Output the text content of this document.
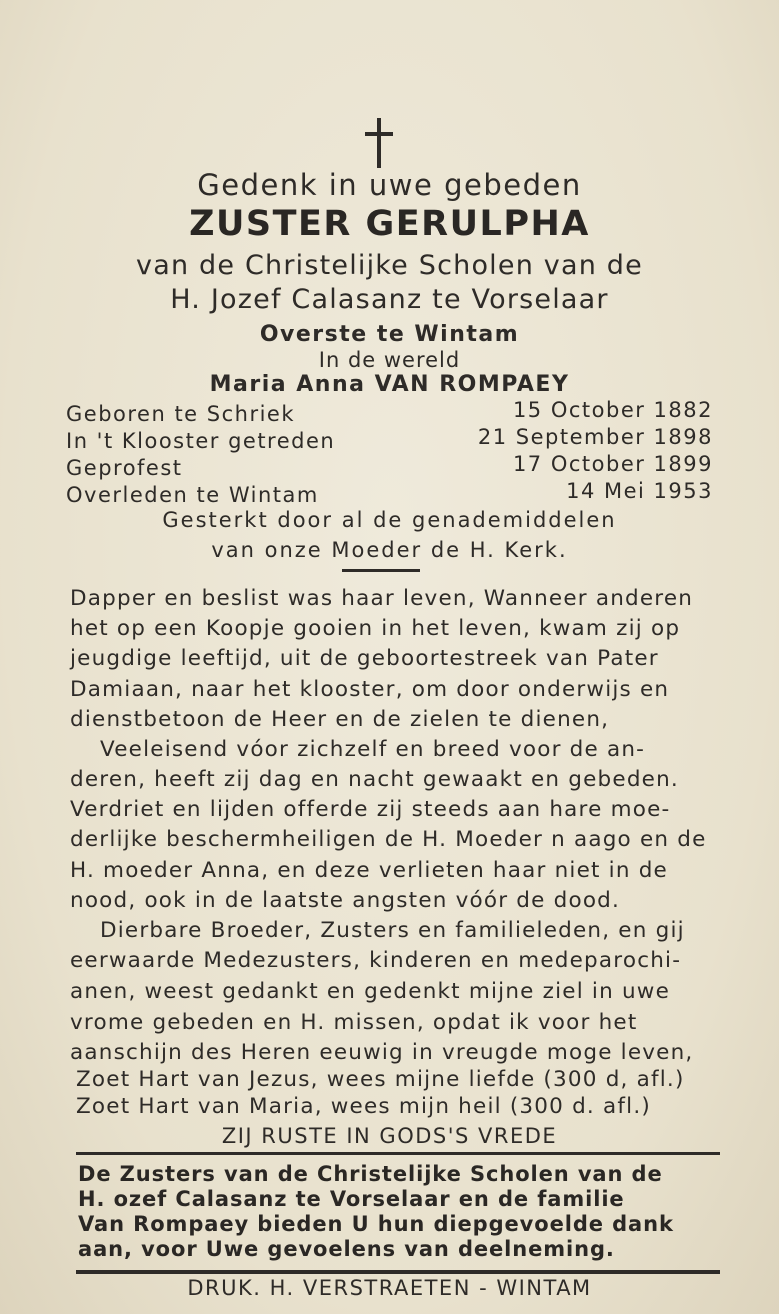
Gedenk in uwe gebeden
ZUSTER GERULPHA
van de Christelijke Scholen van de
H. Jozef Calasanz te Vorselaar
Overste te Wintam
In de wereld
Maria Anna VAN ROMPAEY
Geboren te Schriek	15 October 1882
In 't Klooster getreden	21 September 1898
Geprofest	17 October 1899
Overleden te Wintam	14 Mei 1953
Gesterkt door al de genademiddelen
van onze Moeder de H. Kerk.
Dapper en beslist was haar leven, Wanneer anderen
het op een Koopje gooien in het leven, kwam zij op
jeugdige leeftijd, uit de geboortestreek van Pater
Damiaan, naar het klooster, om door onderwijs en
dienstbetoon de Heer en de zielen te dienen,
Veeleisend vóor zichzelf en breed voor de an-
deren, heeft zij dag en nacht gewaakt en gebeden.
Verdriet en lijden offerde zij steeds aan hare moe-
derlijke beschermheiligen de H. Moeder n aago en de
H. moeder Anna, en deze verlieten haar niet in de
nood, ook in de laatste angsten vóór de dood.
Dierbare Broeder, Zusters en familieleden, en gij
eerwaarde Medezusters, kinderen en medeparochi-
anen, weest gedankt en gedenkt mijne ziel in uwe
vrome gebeden en H. missen, opdat ik voor het
aanschijn des Heren eeuwig in vreugde moge leven,
Zoet Hart van Jezus, wees mijne liefde (300 d, afl.)
Zoet Hart van Maria, wees mijn heil (300 d. afl.)
ZIJ RUSTE IN GODS'S VREDE
De Zusters van de Christelijke Scholen van de
H. ozef Calasanz te Vorselaar en de familie
Van Rompaey bieden U hun diepgevoelde dank
aan, voor Uwe gevoelens van deelneming.
DRUK. H. VERSTRAETEN - WINTAM
